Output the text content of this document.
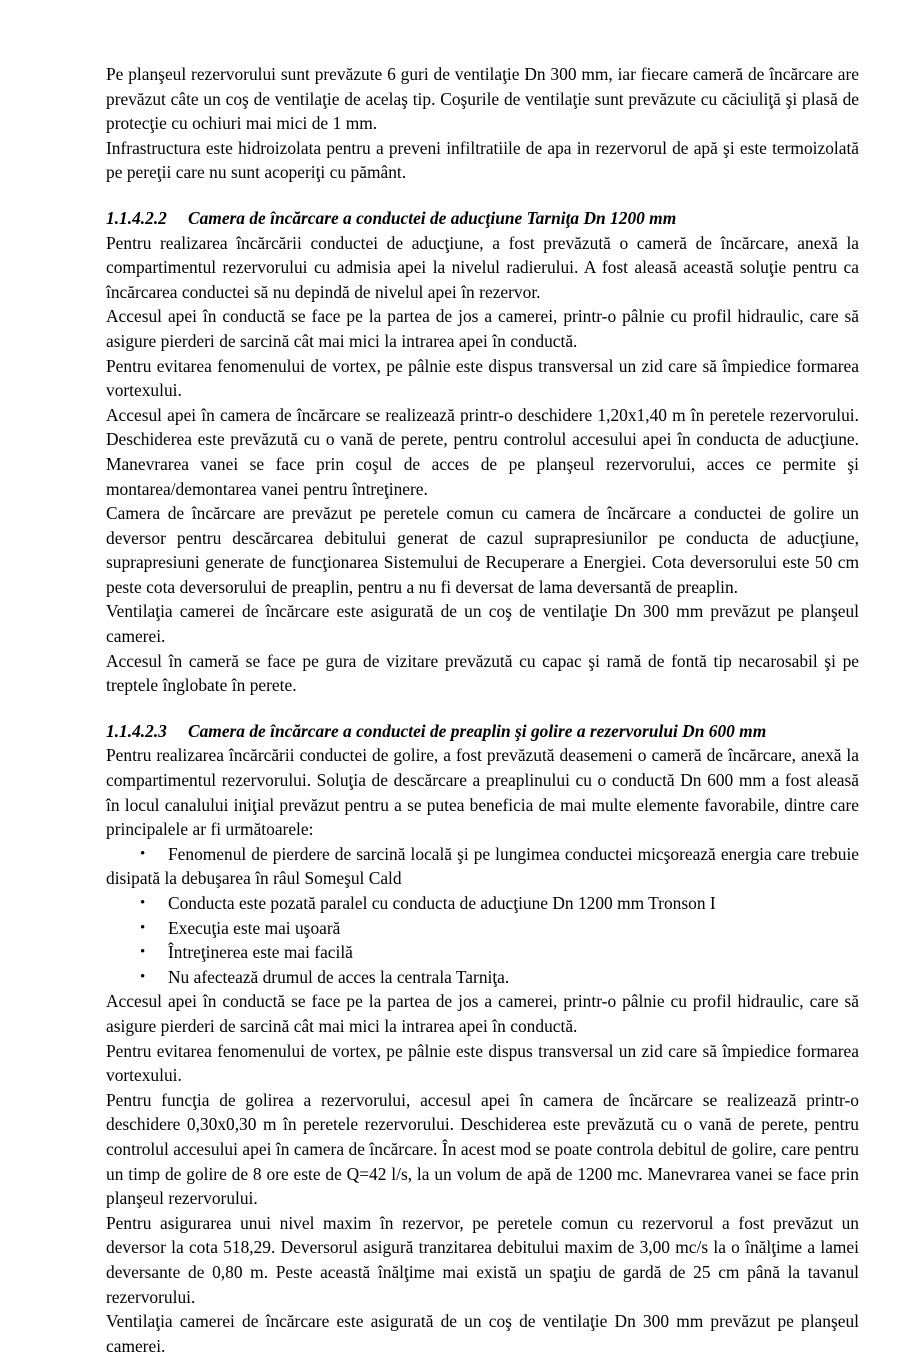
Pe planşeul rezervorului sunt prevăzute 6 guri de ventilaţie Dn 300 mm, iar fiecare cameră de încărcare are prevăzut câte un coş de ventilaţie de acelaş tip. Coşurile de ventilaţie sunt prevăzute cu căciuliţă şi plasă de protecţie cu ochiuri mai mici de 1 mm.

Infrastructura este hidroizolata pentru a preveni infiltratiile de apa in rezervorul de apă şi este termoizolată pe pereţii care nu sunt acoperiţi cu pământ.

1.1.4.2.2 Camera de încărcare a conductei de aducţiune Tarniţa Dn 1200 mm

Pentru realizarea încărcării conductei de aducţiune, a fost prevăzută o cameră de încărcare, anexă la compartimentul rezervorului cu admisia apei la nivelul radierului. A fost aleasă această soluţie pentru ca încărcarea conductei să nu depindă de nivelul apei în rezervor.

Accesul apei în conductă se face pe la partea de jos a camerei, printr-o pâlnie cu profil hidraulic, care să asigure pierderi de sarcină cât mai mici la intrarea apei în conductă.

Pentru evitarea fenomenului de vortex, pe pâlnie este dispus transversal un zid care să împiedice formarea vortexului.

Accesul apei în camera de încărcare se realizează printr-o deschidere 1,20x1,40 m în peretele rezervorului. Deschiderea este prevăzută cu o vană de perete, pentru controlul accesului apei în conducta de aducţiune. Manevrarea vanei se face prin coşul de acces de pe planşeul rezervorului, acces ce permite şi montarea/demontarea vanei pentru întreţinere.

Camera de încărcare are prevăzut pe peretele comun cu camera de încărcare a conductei de golire un deversor pentru descărcarea debitului generat de cazul suprapresiunilor pe conducta de aducţiune, suprapresiuni generate de funcţionarea Sistemului de Recuperare a Energiei. Cota deversorului este 50 cm peste cota deversorului de preaplin, pentru a nu fi deversat de lama deversantă de preaplin.

Ventilaţia camerei de încărcare este asigurată de un coş de ventilaţie Dn 300 mm prevăzut pe planşeul camerei.

Accesul în cameră se face pe gura de vizitare prevăzută cu capac şi ramă de fontă tip necarosabil şi pe treptele înglobate în perete.

1.1.4.2.3 Camera de încărcare a conductei de preaplin şi golire a rezervorului Dn 600 mm

Pentru realizarea încărcării conductei de golire, a fost prevăzută deasemeni o cameră de încărcare, anexă la compartimentul rezervorului. Soluţia de descărcare a preaplinului cu o conductă Dn 600 mm a fost aleasă în locul canalului iniţial prevăzut pentru a se putea beneficia de mai multe elemente favorabile, dintre care principalele ar fi următoarele:

•	Fenomenul de pierdere de sarcină locală şi pe lungimea conductei micşorează energia care trebuie disipată la debuşarea în râul Someşul Cald
•	Conducta este pozată paralel cu conducta de aducţiune Dn 1200 mm Tronson I
•	Execuţia este mai uşoară
•	Întreţinerea este mai facilă
•	Nu afectează drumul de acces la centrala Tarniţa.

Accesul apei în conductă se face pe la partea de jos a camerei, printr-o pâlnie cu profil hidraulic, care să asigure pierderi de sarcină cât mai mici la intrarea apei în conductă.

Pentru evitarea fenomenului de vortex, pe pâlnie este dispus transversal un zid care să împiedice formarea vortexului.

Pentru funcţia de golirea a rezervorului, accesul apei în camera de încărcare se realizează printr-o deschidere 0,30x0,30 m în peretele rezervorului. Deschiderea este prevăzută cu o vană de perete, pentru controlul accesului apei în camera de încărcare. În acest mod se poate controla debitul de golire, care pentru un timp de golire de 8 ore este de Q=42 l/s, la un volum de apă de 1200 mc. Manevrarea vanei se face prin planşeul rezervorului.

Pentru asigurarea unui nivel maxim în rezervor, pe peretele comun cu rezervorul a fost prevăzut un deversor la cota 518,29. Deversorul asigură tranzitarea debitului maxim de 3,00 mc/s la o înălţime a lamei deversante de 0,80 m. Peste această înălţime mai există un spaţiu de gardă de 25 cm până la tavanul rezervorului.

Ventilaţia camerei de încărcare este asigurată de un coş de ventilaţie Dn 300 mm prevăzut pe planşeul camerei.
